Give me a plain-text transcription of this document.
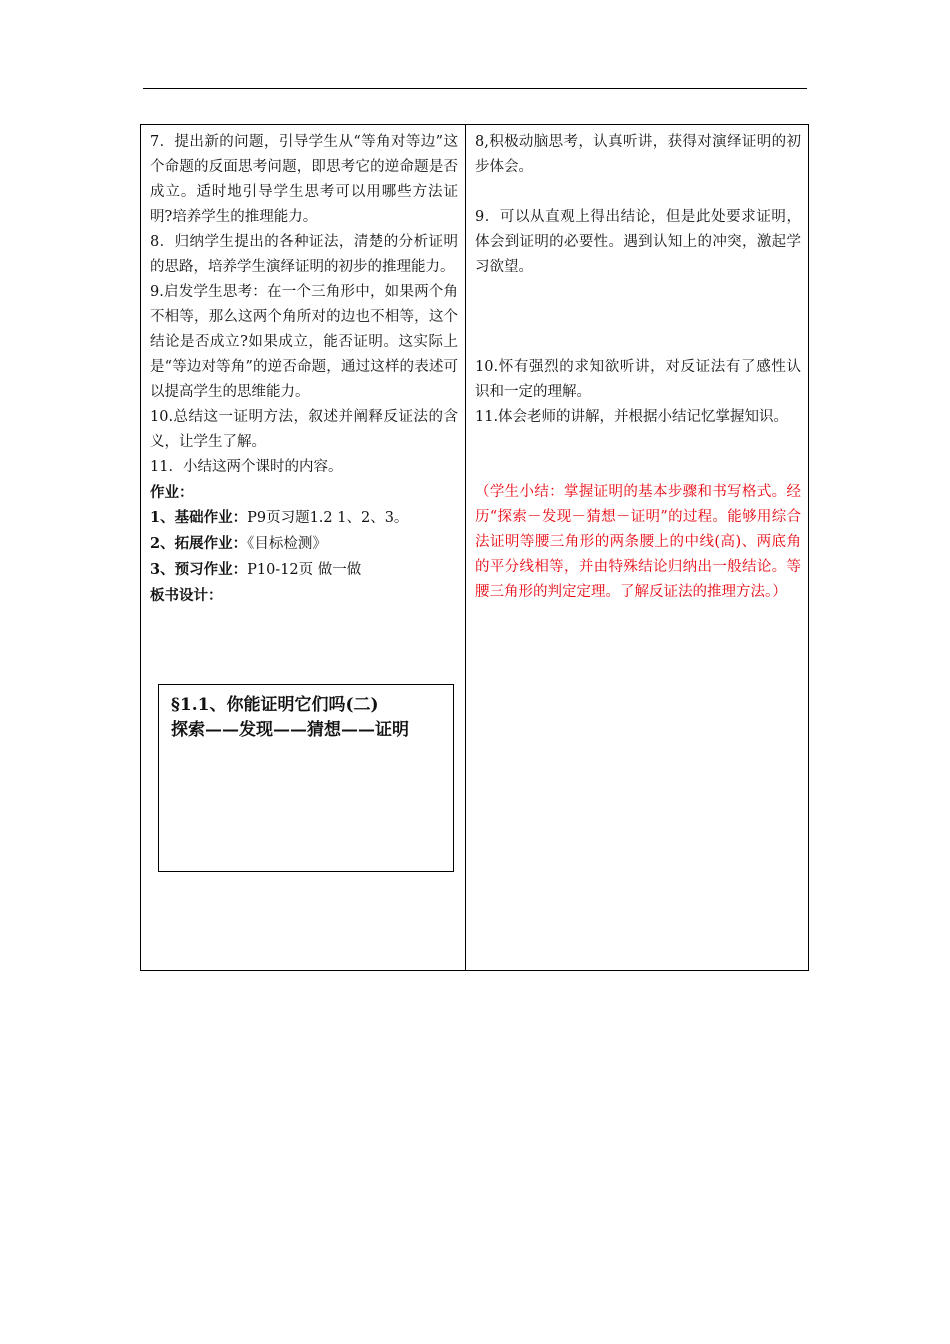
7．提出新的问题，引导学生从“等角对等边”这个命题的反面思考问题，即思考它的逆命题是否成立。适时地引导学生思考可以用哪些方法证明?培养学生的推理能力。

8．归纳学生提出的各种证法，清楚的分析证明的思路，培养学生演绎证明的初步的推理能力。

9.启发学生思考：在一个三角形中，如果两个角不相等，那么这两个角所对的边也不相等，这个结论是否成立?如果成立，能否证明。这实际上是“等边对等角”的逆否命题，通过这样的表述可以提高学生的思维能力。

10.总结这一证明方法，叙述并阐释反证法的含义，让学生了解。

11．小结这两个课时的内容。

作业：

1、基础作业：P9页习题1.2 1、2、3。

2、拓展作业：《目标检测》

3、预习作业：P10-12页 做一做

板书设计：

§1.1、你能证明它们吗(二)
探索——发现——猜想——证明

8,积极动脑思考，认真听讲，获得对演绎证明的初步体会。

9．可以从直观上得出结论，但是此处要求证明，体会到证明的必要性。遇到认知上的冲突，激起学习欲望。

10.怀有强烈的求知欲听讲，对反证法有了感性认识和一定的理解。

11.体会老师的讲解，并根据小结记忆掌握知识。

（学生小结：掌握证明的基本步骤和书写格式。经历“探索－发现－猜想－证明”的过程。能够用综合法证明等腰三角形的两条腰上的中线(高)、两底角的平分线相等，并由特殊结论归纳出一般结论。等腰三角形的判定定理。了解反证法的推理方法。）
